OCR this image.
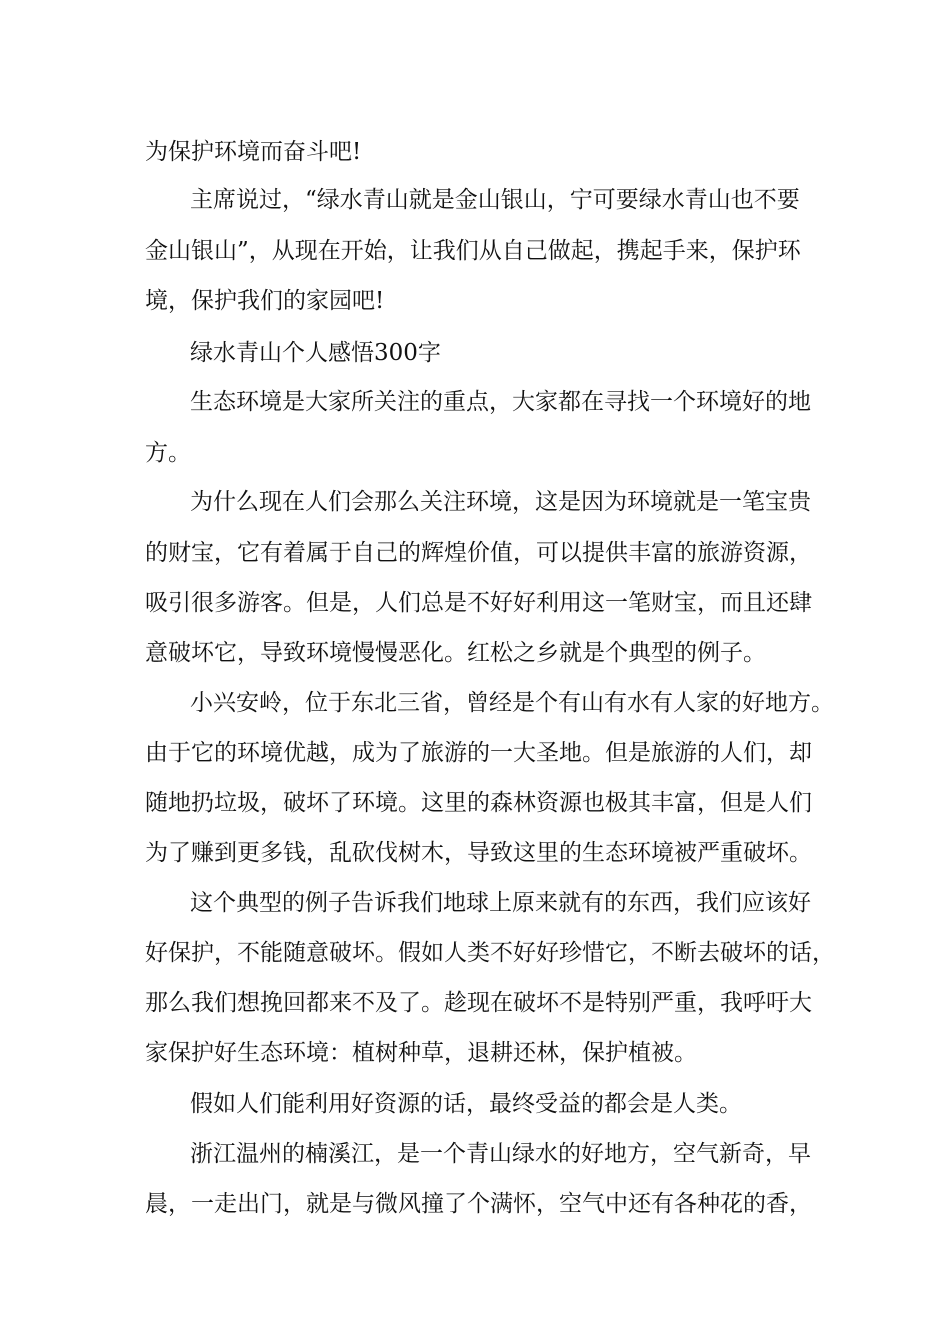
为保护环境而奋斗吧!
主席说过，“绿水青山就是金山银山，宁可要绿水青山也不要
金山银山”，从现在开始，让我们从自己做起，携起手来，保护环
境，保护我们的家园吧!
绿水青山个人感悟300字
生态环境是大家所关注的重点，大家都在寻找一个环境好的地
方。
为什么现在人们会那么关注环境，这是因为环境就是一笔宝贵
的财宝，它有着属于自己的辉煌价值，可以提供丰富的旅游资源，
吸引很多游客。但是，人们总是不好好利用这一笔财宝，而且还肆
意破坏它，导致环境慢慢恶化。红松之乡就是个典型的例子。
小兴安岭，位于东北三省，曾经是个有山有水有人家的好地方。
由于它的环境优越，成为了旅游的一大圣地。但是旅游的人们，却
随地扔垃圾，破坏了环境。这里的森林资源也极其丰富，但是人们
为了赚到更多钱，乱砍伐树木，导致这里的生态环境被严重破坏。
这个典型的例子告诉我们地球上原来就有的东西，我们应该好
好保护，不能随意破坏。假如人类不好好珍惜它，不断去破坏的话，
那么我们想挽回都来不及了。趁现在破坏不是特别严重，我呼吁大
家保护好生态环境：植树种草，退耕还林，保护植被。
假如人们能利用好资源的话，最终受益的都会是人类。
浙江温州的楠溪江，是一个青山绿水的好地方，空气新奇，早
晨，一走出门，就是与微风撞了个满怀，空气中还有各种花的香，
